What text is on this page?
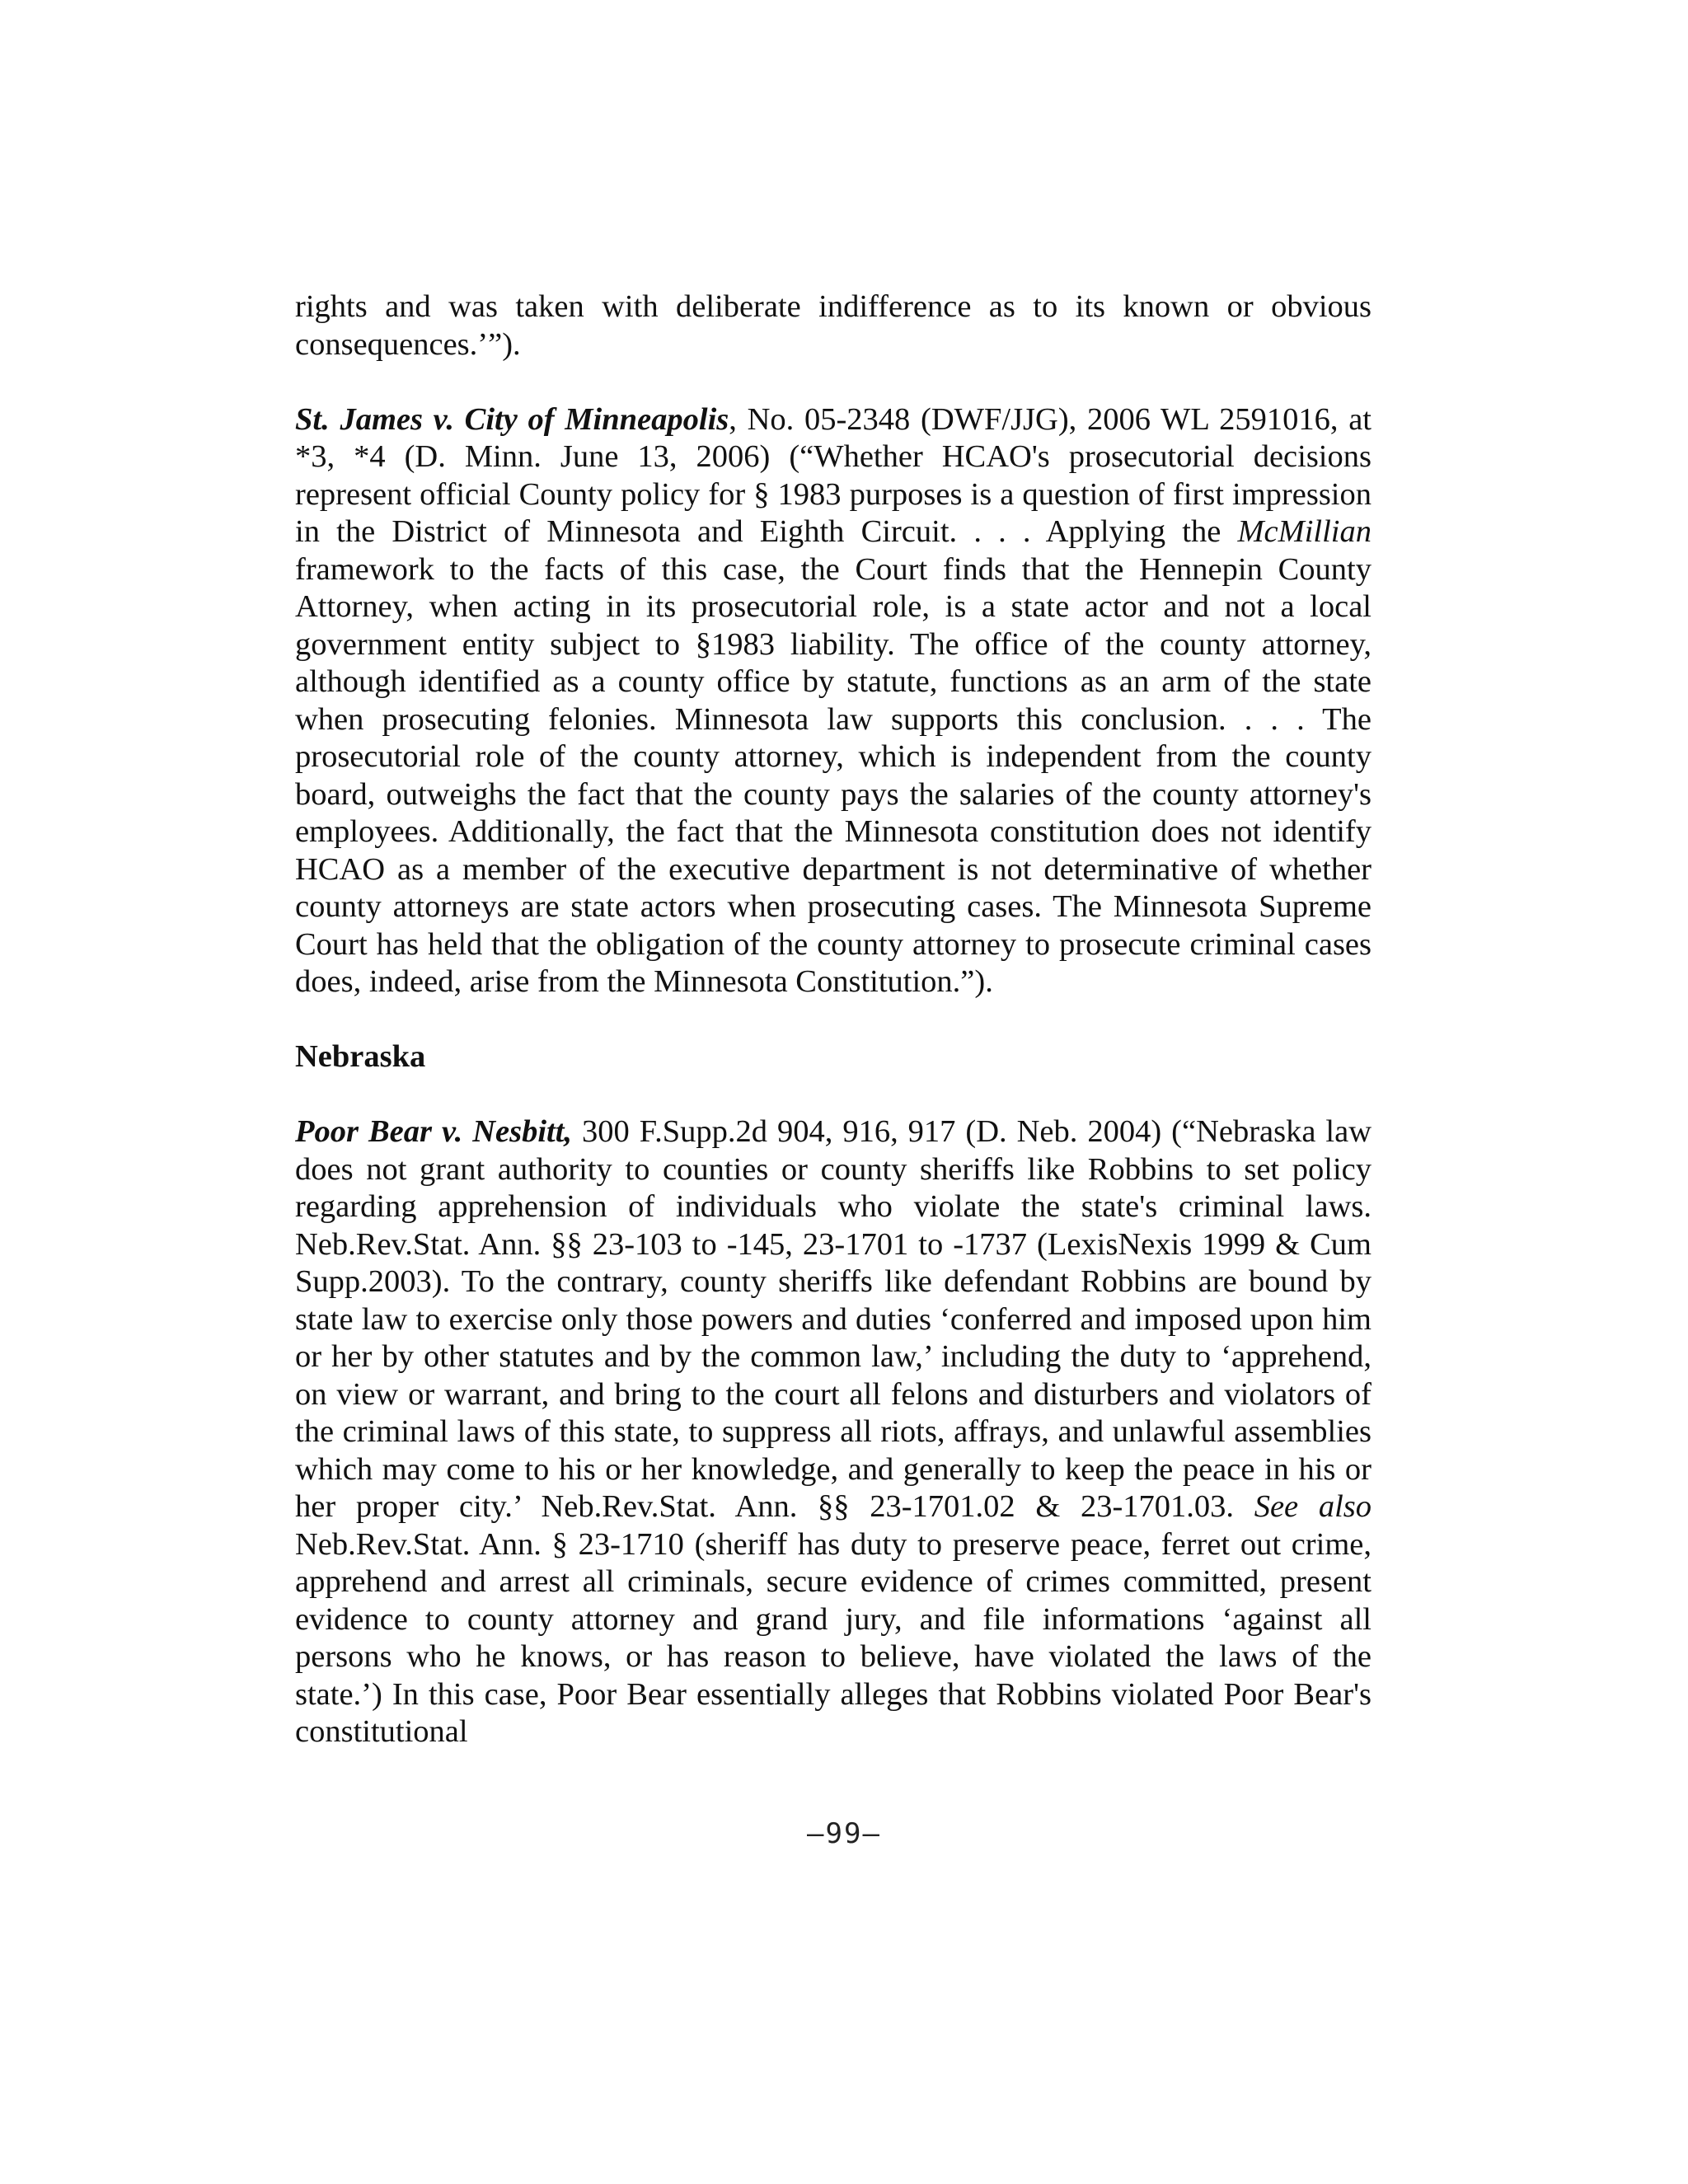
rights and was taken with deliberate indifference as to its known or obvious consequences.’”).

St. James v. City of Minneapolis, No. 05-2348 (DWF/JJG), 2006 WL 2591016, at *3, *4 (D. Minn. June 13, 2006) (“Whether HCAO's prosecutorial decisions represent official County policy for § 1983 purposes is a question of first impression in the District of Minnesota and Eighth Circuit. . . . Applying the McMillian framework to the facts of this case, the Court finds that the Hennepin County Attorney, when acting in its prosecutorial role, is a state actor and not a local government entity subject to §1983 liability. The office of the county attorney, although identified as a county office by statute, functions as an arm of the state when prosecuting felonies. Minnesota law supports this conclusion. . . . The prosecutorial role of the county attorney, which is independent from the county board, outweighs the fact that the county pays the salaries of the county attorney's employees. Additionally, the fact that the Minnesota constitution does not identify HCAO as a member of the executive department is not determinative of whether county attorneys are state actors when prosecuting cases. The Minnesota Supreme Court has held that the obligation of the county attorney to prosecute criminal cases does, indeed, arise from the Minnesota Constitution.”).

Nebraska

Poor Bear v. Nesbitt, 300 F.Supp.2d 904, 916, 917 (D. Neb. 2004) (“Nebraska law does not grant authority to counties or county sheriffs like Robbins to set policy regarding apprehension of individuals who violate the state's criminal laws. Neb.Rev.Stat. Ann. §§ 23-103 to -145, 23-1701 to -1737 (LexisNexis 1999 & Cum Supp.2003). To the contrary, county sheriffs like defendant Robbins are bound by state law to exercise only those powers and duties ‘conferred and imposed upon him or her by other statutes and by the common law,’ including the duty to ‘apprehend, on view or warrant, and bring to the court all felons and disturbers and violators of the criminal laws of this state, to suppress all riots, affrays, and unlawful assemblies which may come to his or her knowledge, and generally to keep the peace in his or her proper city.’ Neb.Rev.Stat. Ann. §§ 23-1701.02 & 23-1701.03. See also Neb.Rev.Stat. Ann. § 23-1710 (sheriff has duty to preserve peace, ferret out crime, apprehend and arrest all criminals, secure evidence of crimes committed, present evidence to county attorney and grand jury, and file informations ‘against all persons who he knows, or has reason to believe, have violated the laws of the state.’) In this case, Poor Bear essentially alleges that Robbins violated Poor Bear's constitutional

–99–
